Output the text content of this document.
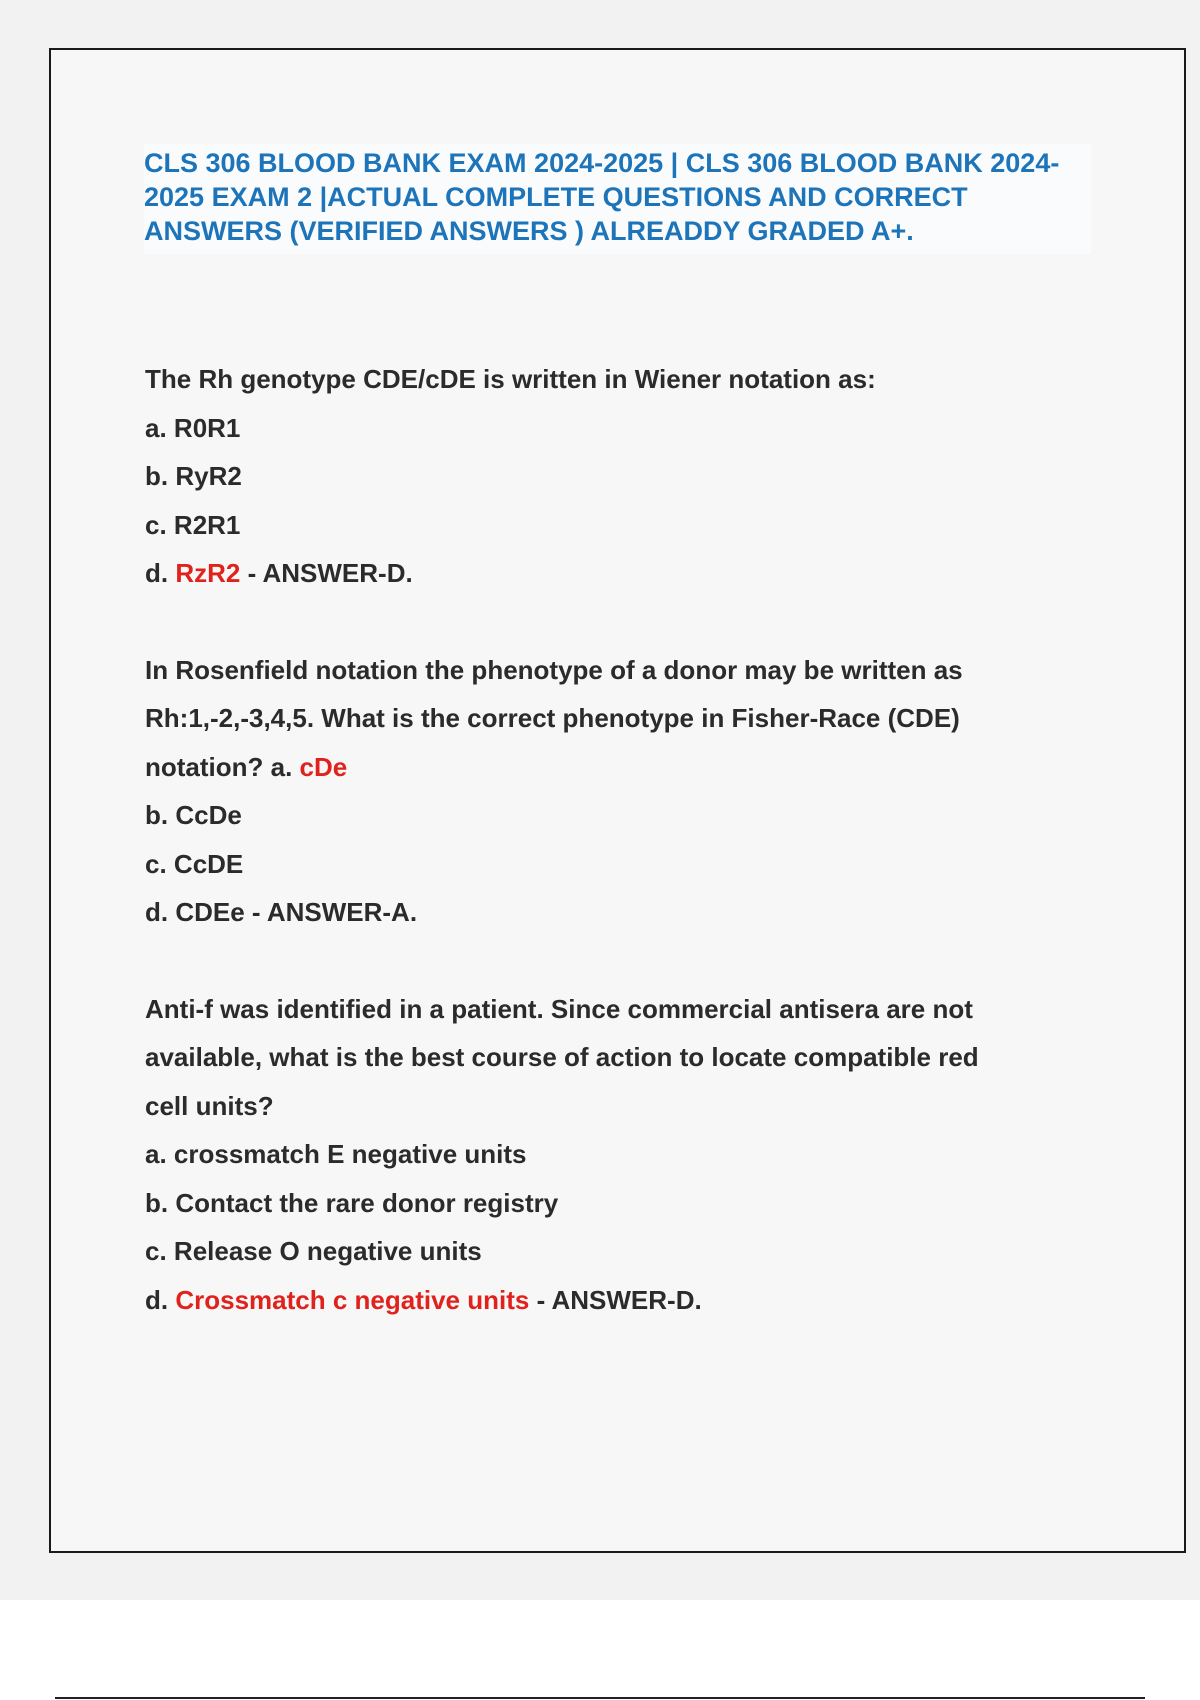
CLS 306 BLOOD BANK EXAM 2024-2025 | CLS 306 BLOOD BANK 2024-2025 EXAM 2 |ACTUAL COMPLETE QUESTIONS AND CORRECT ANSWERS (VERIFIED ANSWERS ) ALREADDY GRADED A+.
The Rh genotype CDE/cDE is written in Wiener notation as:
a. R0R1
b. RyR2
c. R2R1
d. RzR2 - ANSWER-D.
In Rosenfield notation the phenotype of a donor may be written as
Rh:1,-2,-3,4,5. What is the correct phenotype in Fisher-Race (CDE)
notation? a. cDe
b. CcDe
c. CcDE
d. CDEe - ANSWER-A.
Anti-f was identified in a patient. Since commercial antisera are not
available, what is the best course of action to locate compatible red
cell units?
a. crossmatch E negative units
b. Contact the rare donor registry
c. Release O negative units
d. Crossmatch c negative units - ANSWER-D.
